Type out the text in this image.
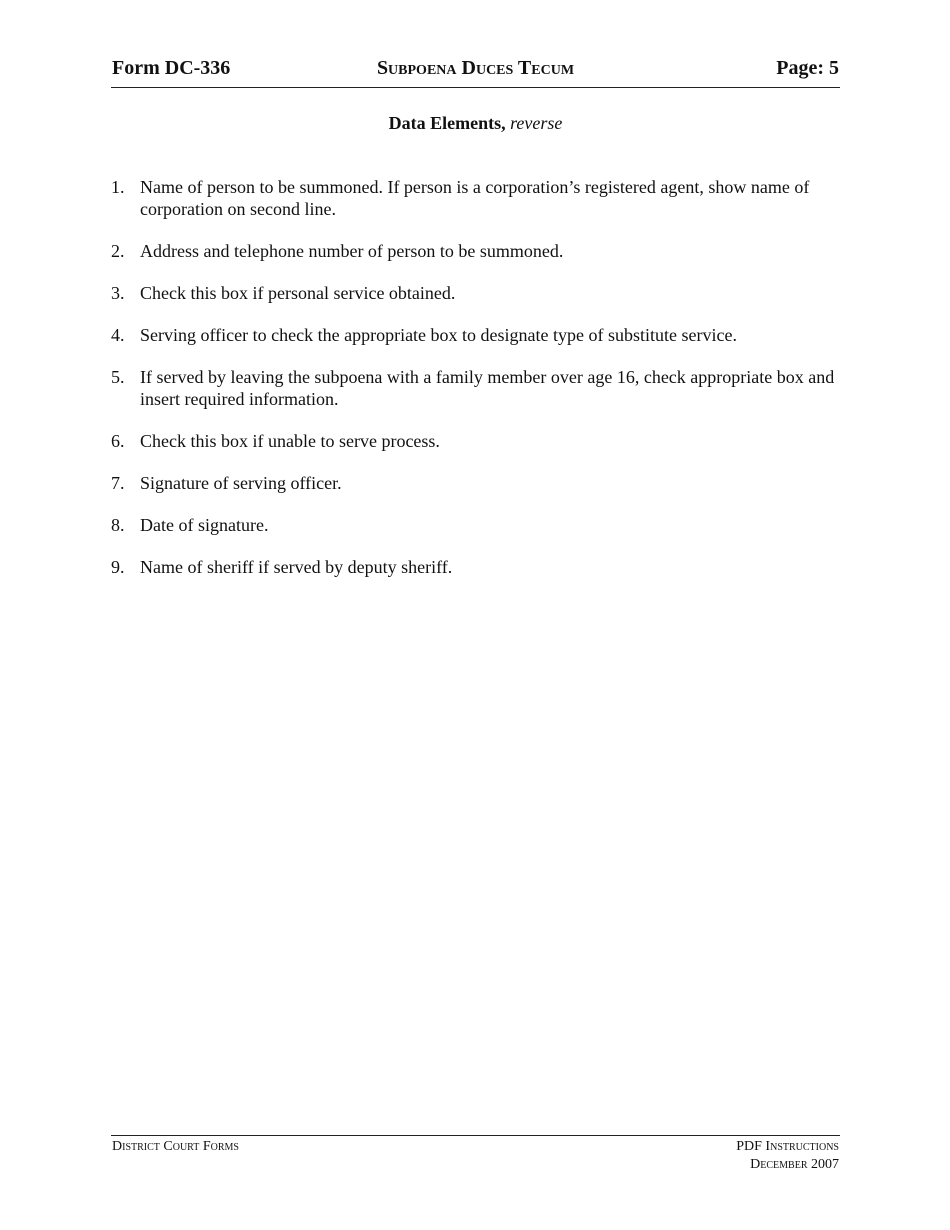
Form DC-336	Subpoena Duces Tecum	Page: 5
Data Elements, reverse
1. Name of person to be summoned. If person is a corporation’s registered agent, show name of corporation on second line.
2. Address and telephone number of person to be summoned.
3. Check this box if personal service obtained.
4. Serving officer to check the appropriate box to designate type of substitute service.
5. If served by leaving the subpoena with a family member over age 16, check appropriate box and insert required information.
6. Check this box if unable to serve process.
7. Signature of serving officer.
8. Date of signature.
9. Name of sheriff if served by deputy sheriff.
District Court Forms	PDF Instructions
December 2007
